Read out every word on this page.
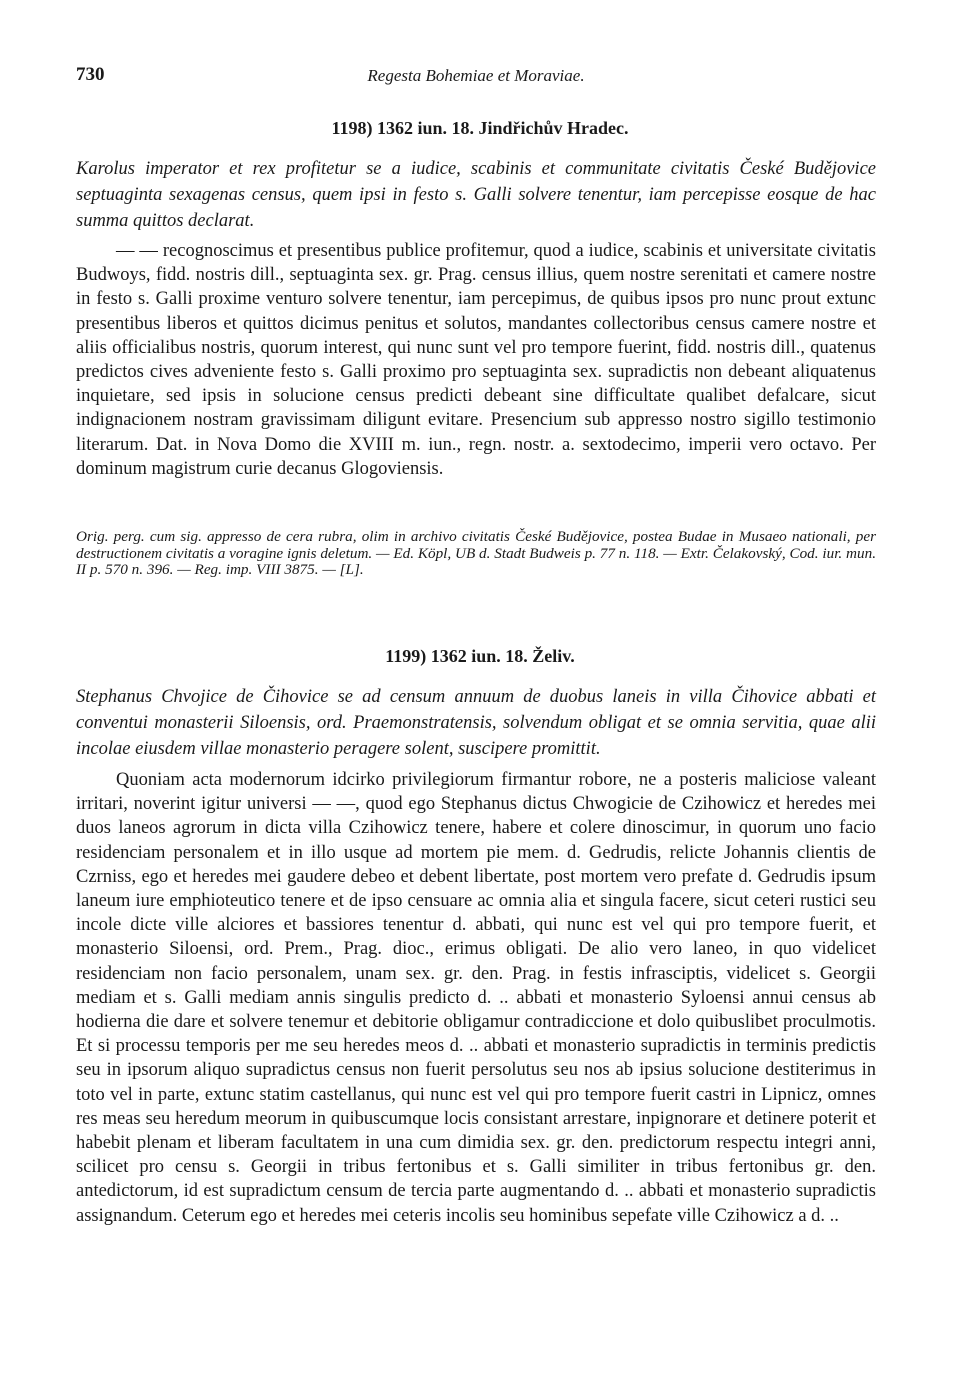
730	Regesta Bohemiae et Moraviae.
1198) 1362 iun. 18. Jindřichův Hradec.

Karolus imperator et rex profitetur se a iudice, scabinis et communitate civitatis České Budějovice septuaginta sexagenas census, quem ipsi in festo s. Galli solvere tenentur, iam percepisse eosque de hac summa quittos declarat.

— — recognoscimus et presentibus publice profitemur, quod a iudice, scabinis et universitate civitatis Budwoys, fidd. nostris dill., septuaginta sex. gr. Prag. census illius, quem nostre serenitati et camere nostre in festo s. Galli proxime venturo solvere tenentur, iam percepimus, de quibus ipsos pro nunc prout extunc presentibus liberos et quittos dicimus penitus et solutos, mandantes collectoribus census camere nostre et aliis officialibus nostris, quorum interest, qui nunc sunt vel pro tempore fuerint, fidd. nostris dill., quatenus predictos cives adveniente festo s. Galli proximo pro septuaginta sex. supradictis non debeant aliquatenus inquietare, sed ipsis in solucione census predicti debeant sine difficultate qualibet defalcare, sicut indignacionem nostram gravissimam diligunt evitare. Presencium sub appresso nostro sigillo testimonio literarum. Dat. in Nova Domo die XVIII m. iun., regn. nostr. a. sextodecimo, imperii vero octavo. Per dominum magistrum curie decanus Glogoviensis.

Orig. perg. cum sig. appresso de cera rubra, olim in archivo civitatis České Budějovice, postea Budae in Musaeo nationali, per destructionem civitatis a voragine ignis deletum. — Ed. Köpl, UB d. Stadt Budweis p. 77 n. 118. — Extr. Čelakovský, Cod. iur. mun. II p. 570 n. 396. — Reg. imp. VIII 3875. — [L].

1199) 1362 iun. 18. Želiv.

Stephanus Chvojice de Čihovice se ad censum annuum de duobus laneis in villa Čihovice abbati et conventui monasterii Siloensis, ord. Praemonstratensis, solvendum obligat et se omnia servitia, quae alii incolae eiusdem villae monasterio peragere solent, suscipere promittit.

Quoniam acta modernorum idcirko privilegiorum firmantur robore, ne a posteris maliciose valeant irritari, noverint igitur universi — —, quod ego Stephanus dictus Chwogicie de Czihowicz et heredes mei duos laneos agrorum in dicta villa Czihowicz tenere, habere et colere dinoscimur, in quorum uno facio residenciam personalem et in illo usque ad mortem pie mem. d. Gedrudis, relicte Johannis clientis de Czrniss, ego et heredes mei gaudere debeo et debent libertate, post mortem vero prefate d. Gedrudis ipsum laneum iure emphioteutico tenere et de ipso censuare ac omnia alia et singula facere, sicut ceteri rustici seu incole dicte ville alciores et bassiores tenentur d. abbati, qui nunc est vel qui pro tempore fuerit, et monasterio Siloensi, ord. Prem., Prag. dioc., erimus obligati. De alio vero laneo, in quo videlicet residenciam non facio personalem, unam sex. gr. den. Prag. in festis infrasciptis, videlicet s. Georgii mediam et s. Galli mediam annis singulis predicto d. .. abbati et monasterio Syloensi annui census ab hodierna die dare et solvere tenemur et debitorie obligamur contradiccione et dolo quibuslibet proculmotis. Et si processu temporis per me seu heredes meos d. .. abbati et monasterio supradictis in terminis predictis seu in ipsorum aliquo supradictus census non fuerit persolutus seu nos ab ipsius solucione destiterimus in toto vel in parte, extunc statim castellanus, qui nunc est vel qui pro tempore fuerit castri in Lipnicz, omnes res meas seu heredum meorum in quibuscumque locis consistant arrestare, inpignorare et detinere poterit et habebit plenam et liberam facultatem in una cum dimidia sex. gr. den. predictorum respectu integri anni, scilicet pro censu s. Georgii in tribus fertonibus et s. Galli similiter in tribus fertonibus gr. den. antedictorum, id est supradictum censum de tercia parte augmentando d. .. abbati et monasterio supradictis assignandum. Ceterum ego et heredes mei ceteris incolis seu hominibus sepefate ville Czihowicz a d. ..
